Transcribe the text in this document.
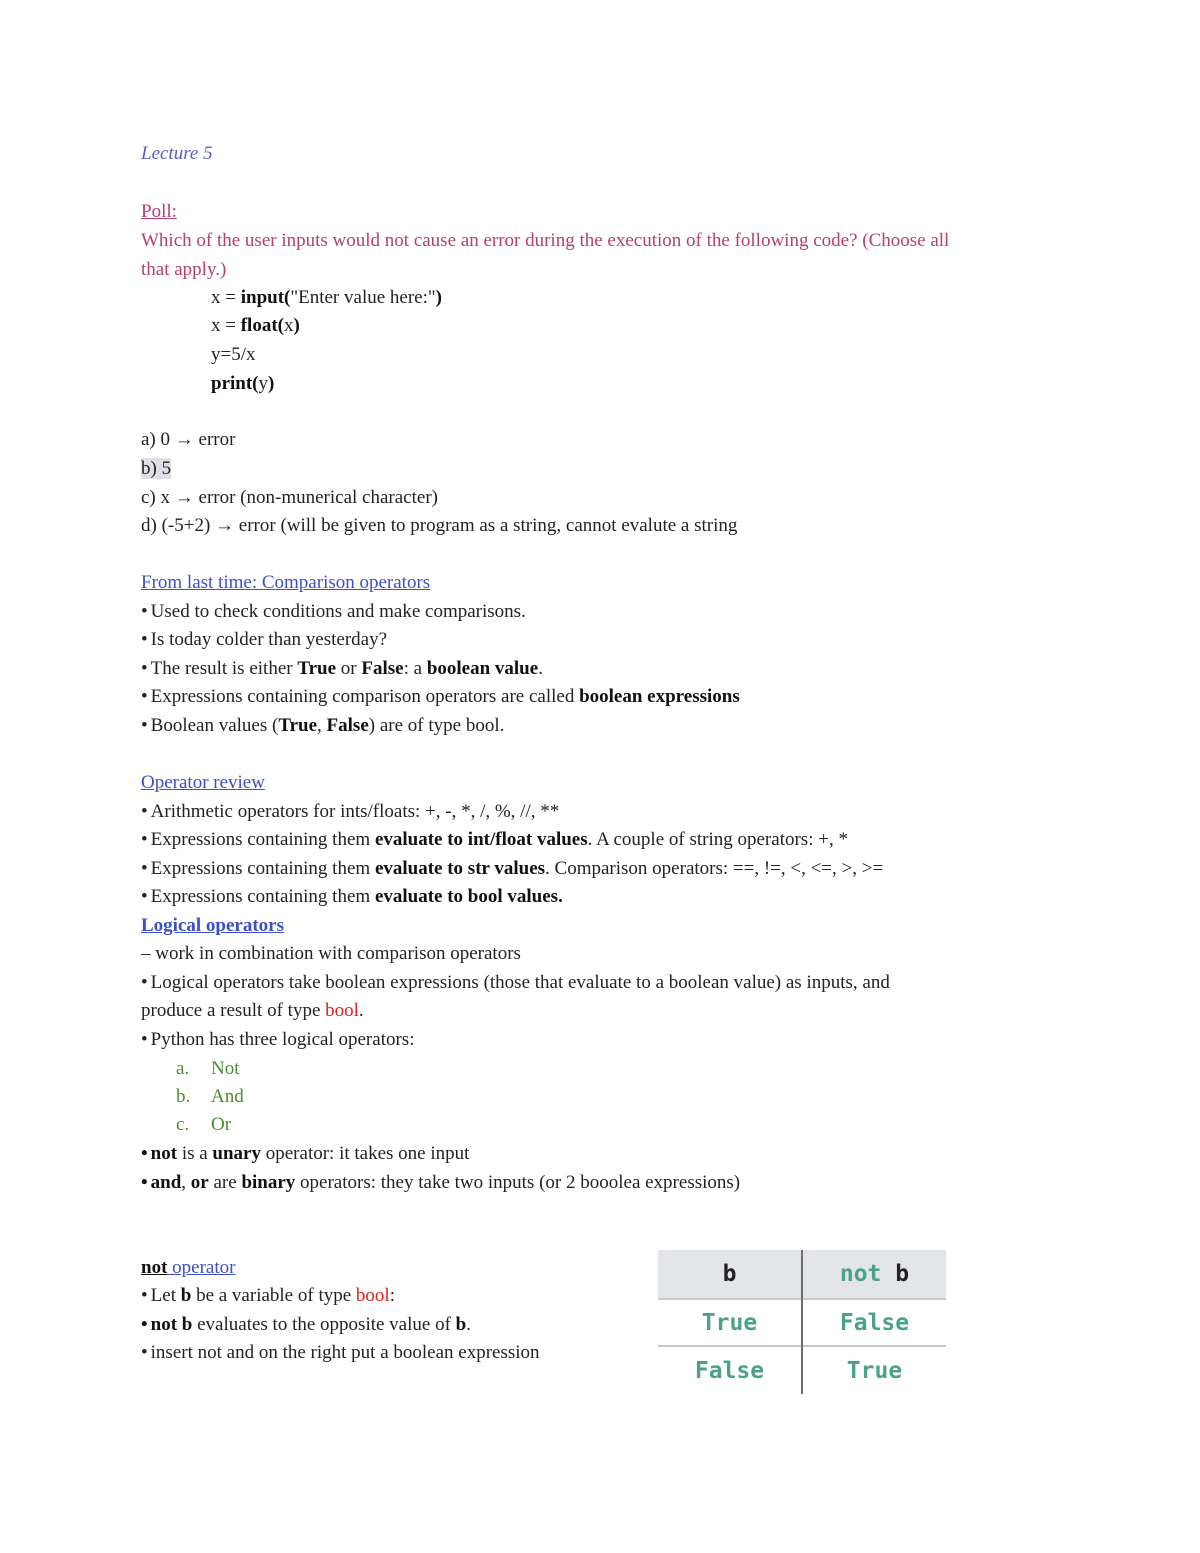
Lecture 5
Poll:
Which of the user inputs would not cause an error during the execution of the following code? (Choose all
that apply.)
x = input("Enter value here:")
x = float(x)
y=5/x
print(y)
a) 0 → error
b) 5
c) x → error (non-munerical character)
d) (-5+2) → error (will be given to program as a string, cannot evalute a string
From last time: Comparison operators
• Used to check conditions and make comparisons.
• Is today colder than yesterday?
• The result is either True or False: a boolean value.
• Expressions containing comparison operators are called boolean expressions
• Boolean values (True, False) are of type bool.
Operator review
• Arithmetic operators for ints/floats: +, -, *, /, %, //, **
• Expressions containing them evaluate to int/float values. A couple of string operators: +, *
• Expressions containing them evaluate to str values. Comparison operators: ==, !=, <, <=, >, >=
• Expressions containing them evaluate to bool values.
Logical operators
– work in combination with comparison operators
• Logical operators take boolean expressions (those that evaluate to a boolean value) as inputs, and
produce a result of type bool.
• Python has three logical operators:
a. Not
b. And
c. Or
• not is a unary operator: it takes one input
• and, or are binary operators: they take two inputs (or 2 booolea expressions)
not operator
• Let b be a variable of type bool:
• not b evaluates to the opposite value of b.
• insert not and on the right put a boolean expression
b	not b
True	False
False	True
